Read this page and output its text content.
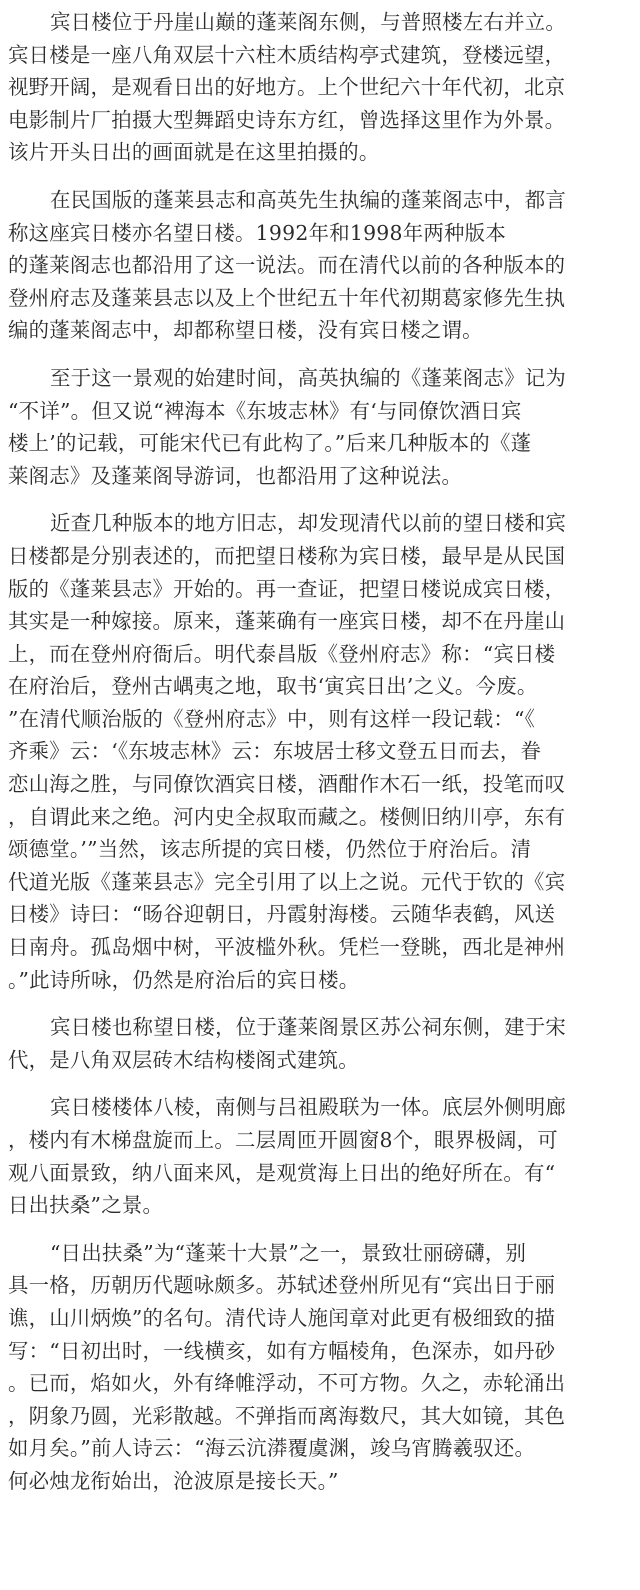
宾日楼位于丹崖山巅的蓬莱阁东侧，与普照楼左右并立。
宾日楼是一座八角双层十六柱木质结构亭式建筑，登楼远望，
视野开阔，是观看日出的好地方。上个世纪六十年代初，北京
电影制片厂拍摄大型舞蹈史诗东方红，曾选择这里作为外景。
该片开头日出的画面就是在这里拍摄的。

在民国版的蓬莱县志和高英先生执编的蓬莱阁志中，都言
称这座宾日楼亦名望日楼。1992年和1998年两种版本
的蓬莱阁志也都沿用了这一说法。而在清代以前的各种版本的
登州府志及蓬莱县志以及上个世纪五十年代初期葛家修先生执
编的蓬莱阁志中，却都称望日楼，没有宾日楼之谓。

至于这一景观的始建时间，高英执编的《蓬莱阁志》记为
“不详”。但又说“裨海本《东坡志林》有‘与同僚饮酒日宾
楼上’的记载，可能宋代已有此构了。”后来几种版本的《蓬
莱阁志》及蓬莱阁导游词，也都沿用了这种说法。

近查几种版本的地方旧志，却发现清代以前的望日楼和宾
日楼都是分别表述的，而把望日楼称为宾日楼，最早是从民国
版的《蓬莱县志》开始的。再一查证，把望日楼说成宾日楼，
其实是一种嫁接。原来，蓬莱确有一座宾日楼，却不在丹崖山
上，而在登州府衙后。明代泰昌版《登州府志》称：“宾日楼
在府治后，登州古嵎夷之地，取书‘寅宾日出’之义。今废。
”在清代顺治版的《登州府志》中，则有这样一段记载：“《
齐乘》云：‘《东坡志林》云：东坡居士移文登五日而去，眷
恋山海之胜，与同僚饮酒宾日楼，酒酣作木石一纸，投笔而叹
，自谓此来之绝。河内史全叔取而藏之。楼侧旧纳川亭，东有
颂德堂。’”当然，该志所提的宾日楼，仍然位于府治后。清
代道光版《蓬莱县志》完全引用了以上之说。元代于钦的《宾
日楼》诗曰：“旸谷迎朝日，丹霞射海楼。云随华表鹤，风送
日南舟。孤岛烟中树，平波槛外秋。凭栏一登眺，西北是神州
。”此诗所咏，仍然是府治后的宾日楼。

宾日楼也称望日楼，位于蓬莱阁景区苏公祠东侧，建于宋
代，是八角双层砖木结构楼阁式建筑。

宾日楼楼体八棱，南侧与吕祖殿联为一体。底层外侧明廊
，楼内有木梯盘旋而上。二层周匝开圆窗8个，眼界极阔，可
观八面景致，纳八面来风，是观赏海上日出的绝好所在。有“
日出扶桑”之景。

“日出扶桑”为“蓬莱十大景”之一，景致壮丽磅礴，别
具一格，历朝历代题咏颇多。苏轼述登州所见有“宾出日于丽
谯，山川炳焕”的名句。清代诗人施闰章对此更有极细致的描
写：“日初出时，一线横亥，如有方幅棱角，色深赤，如丹砂
。已而，焰如火，外有绛帷浮动，不可方物。久之，赤轮涌出
，阴象乃圆，光彩散越。不弹指而离海数尺，其大如镜，其色
如月矣。”前人诗云：“海云沆漭覆虞渊，竣乌宵腾羲驭还。
何必烛龙衔始出，沧波原是接长天。”
